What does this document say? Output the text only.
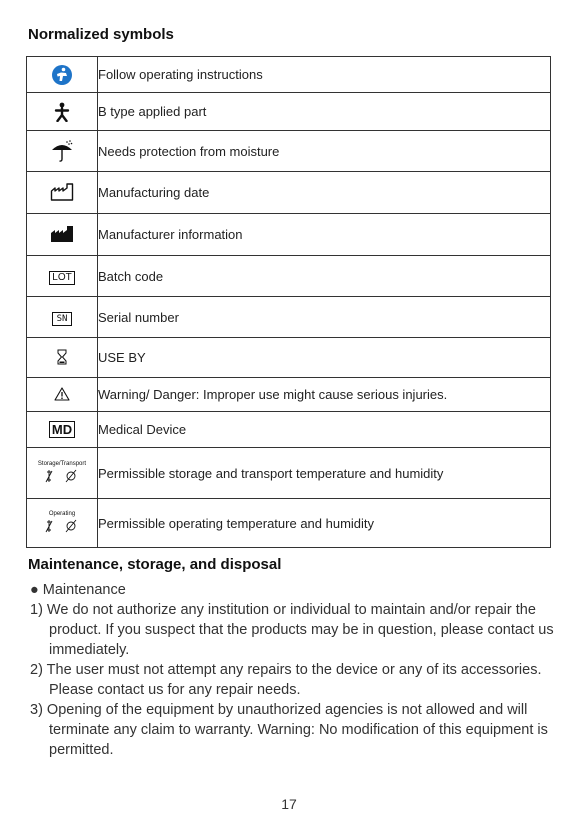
Normalized symbols
	Follow operating instructions
	B type applied part
	Needs protection from moisture
	Manufacturing date
	Manufacturer information
LOT	Batch code
SN	Serial number
	USE BY
	Warning/ Danger: Improper use might cause serious injuries.
MD	Medical Device

Storage/Transport	Permissible storage and transport temperature and humidity

Operating	Permissible operating temperature and humidity
Maintenance, storage, and disposal
● Maintenance
1) We do not authorize any institution or individual to maintain and/or repair the product. If you suspect that the products may be in question, please contact us immediately.
2) The user must not attempt any repairs to the device or any of its accessories. Please contact us for any repair needs.
3) Opening of the equipment by unauthorized agencies is not allowed and will terminate any claim to warranty. Warning: No modification of this equipment is permitted.
17
